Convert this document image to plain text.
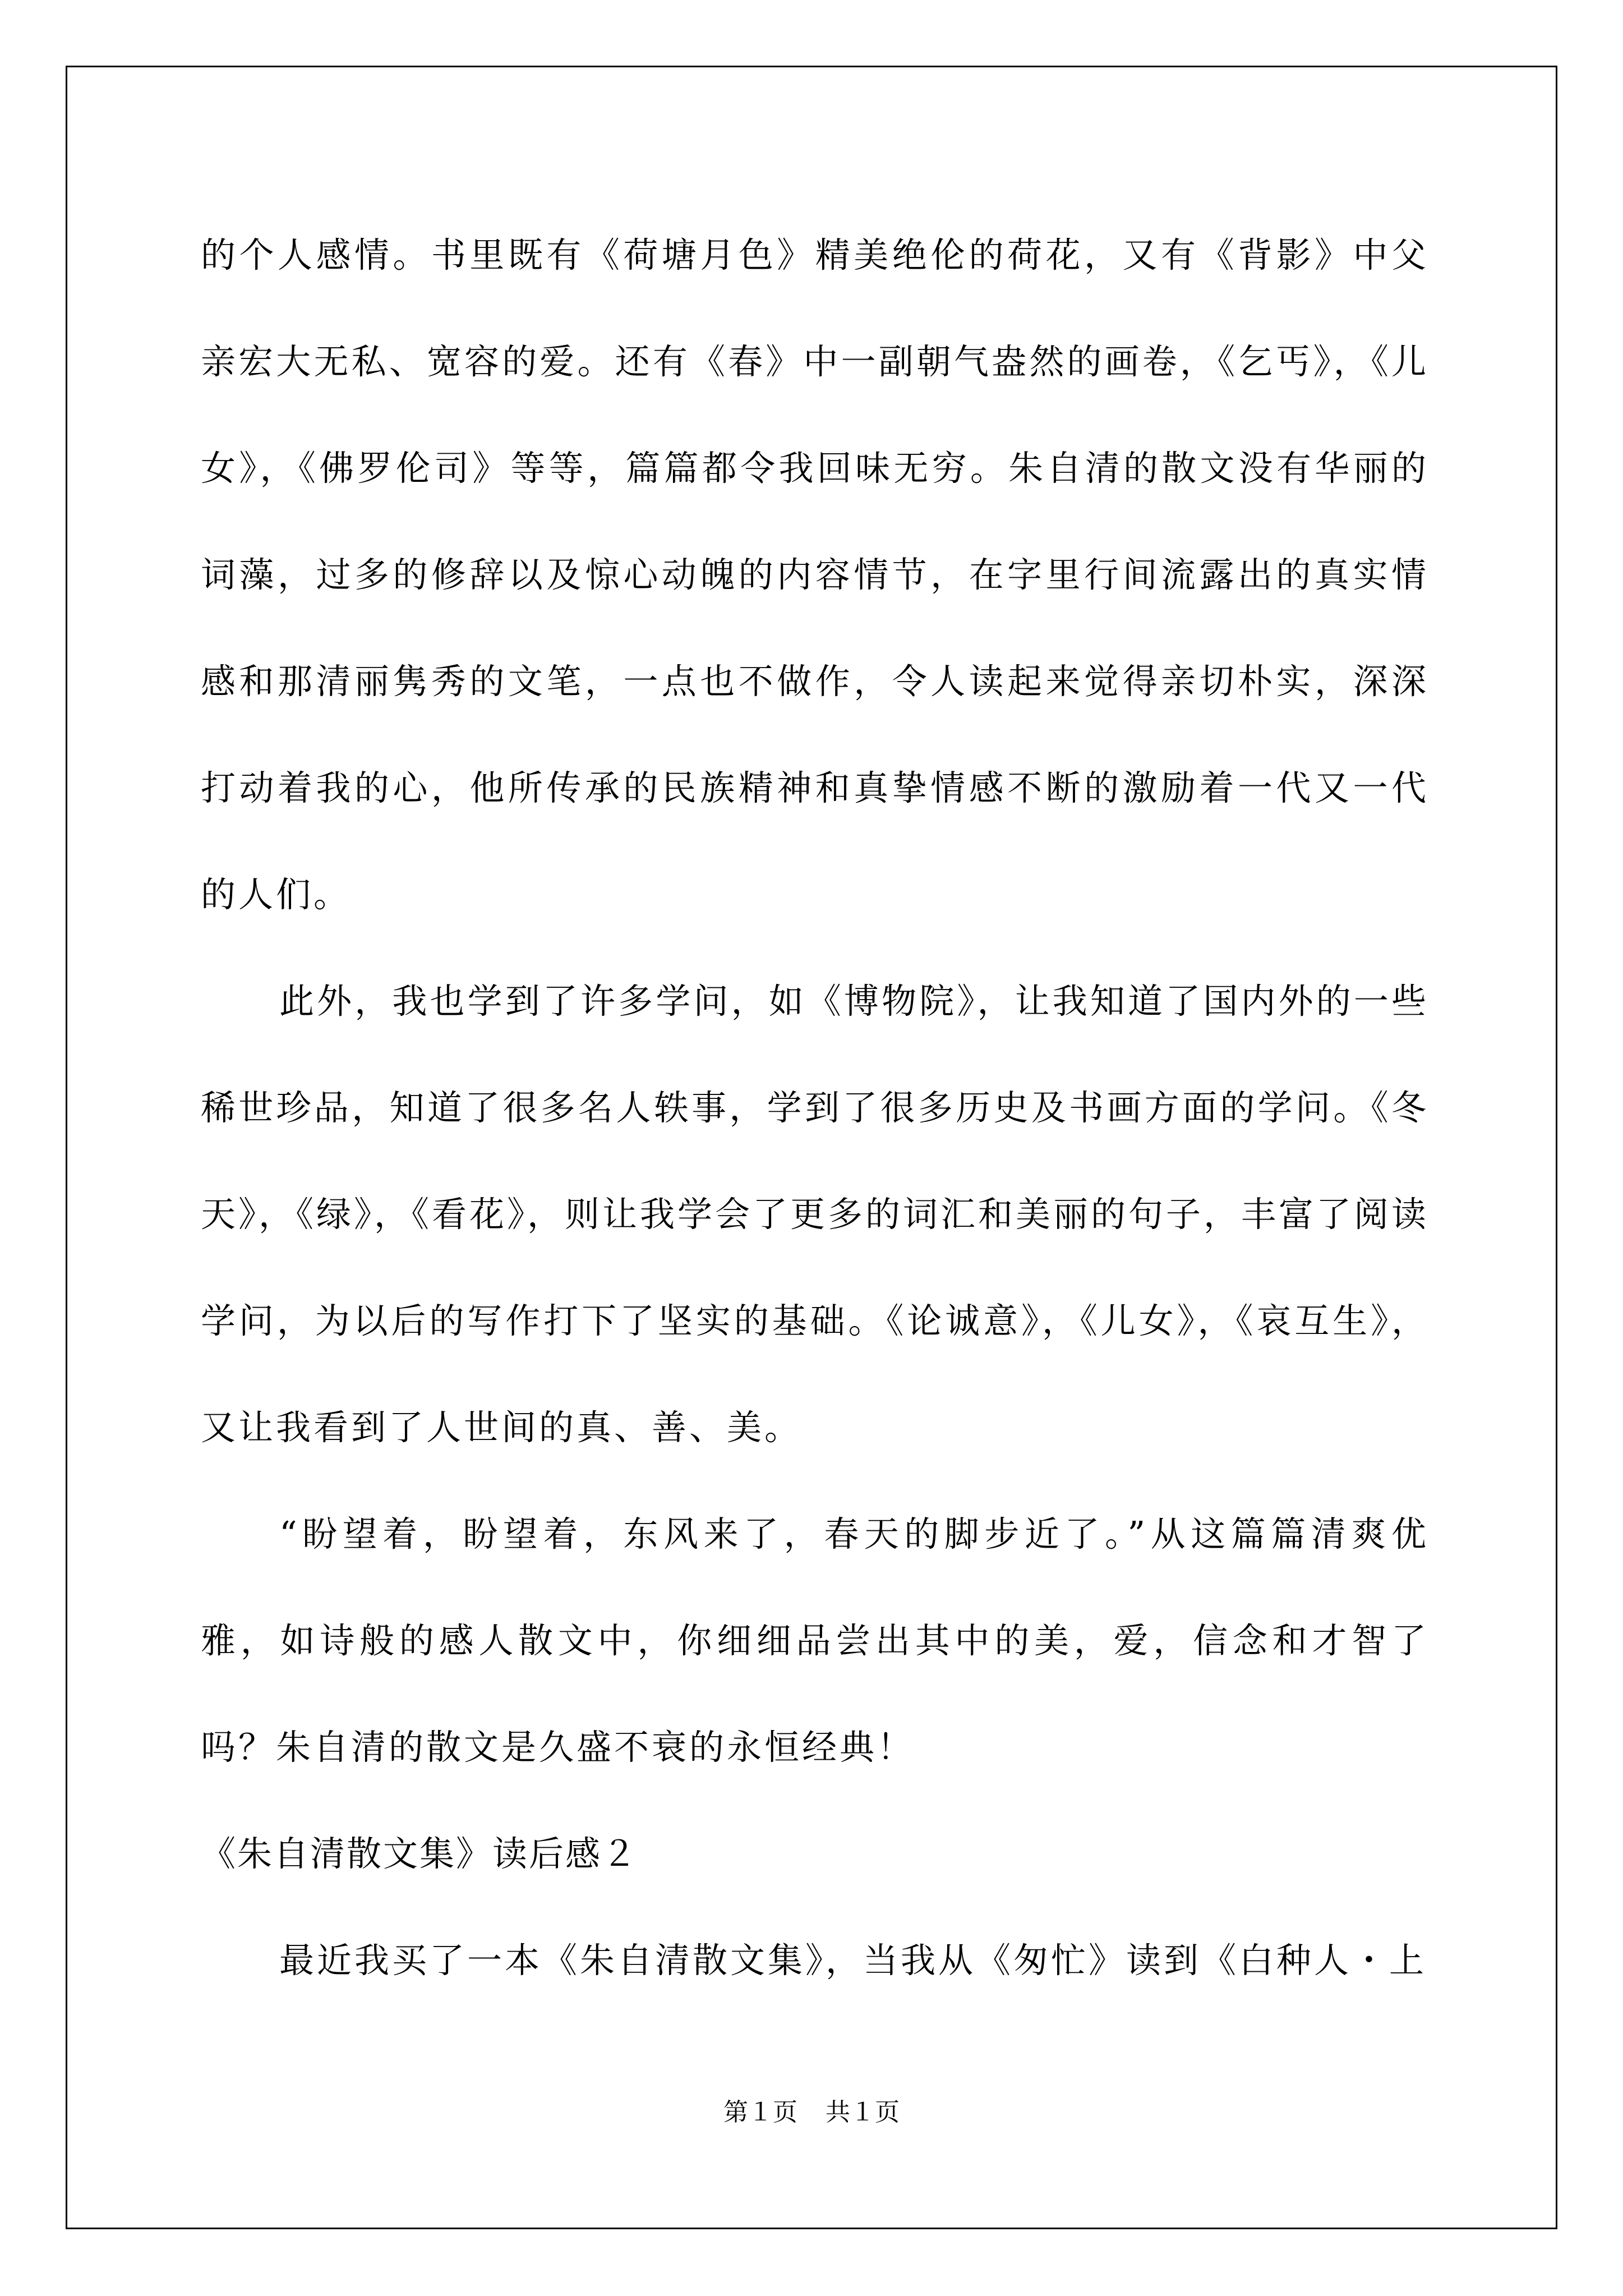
的个人感情。书里既有《荷塘月色》精美绝伦的荷花，又有《背影》中父亲宏大无私、宽容的爱。还有《春》中一副朝气盎然的画卷，《乞丐》，《儿女》，《佛罗伦司》等等，篇篇都令我回味无穷。朱自清的散文没有华丽的词藻，过多的修辞以及惊心动魄的内容情节，在字里行间流露出的真实情感和那清丽隽秀的文笔，一点也不做作，令人读起来觉得亲切朴实，深深打动着我的心，他所传承的民族精神和真挚情感不断的激励着一代又一代的人们。

此外，我也学到了许多学问，如《博物院》，让我知道了国内外的一些稀世珍品，知道了很多名人轶事，学到了很多历史及书画方面的学问。《冬天》，《绿》，《看花》，则让我学会了更多的词汇和美丽的句子，丰富了阅读学问，为以后的写作打下了坚实的基础。《论诚意》，《儿女》，《哀互生》，又让我看到了人世间的真、善、美。

“盼望着，盼望着，东风来了，春天的脚步近了。”从这篇篇清爽优雅，如诗般的感人散文中，你细细品尝出其中的美，爱，信念和才智了吗？朱自清的散文是久盛不衰的永恒经典！

《朱自清散文集》读后感２

最近我买了一本《朱自清散文集》，当我从《匆忙》读到《白种人・上

第１页 共１页
